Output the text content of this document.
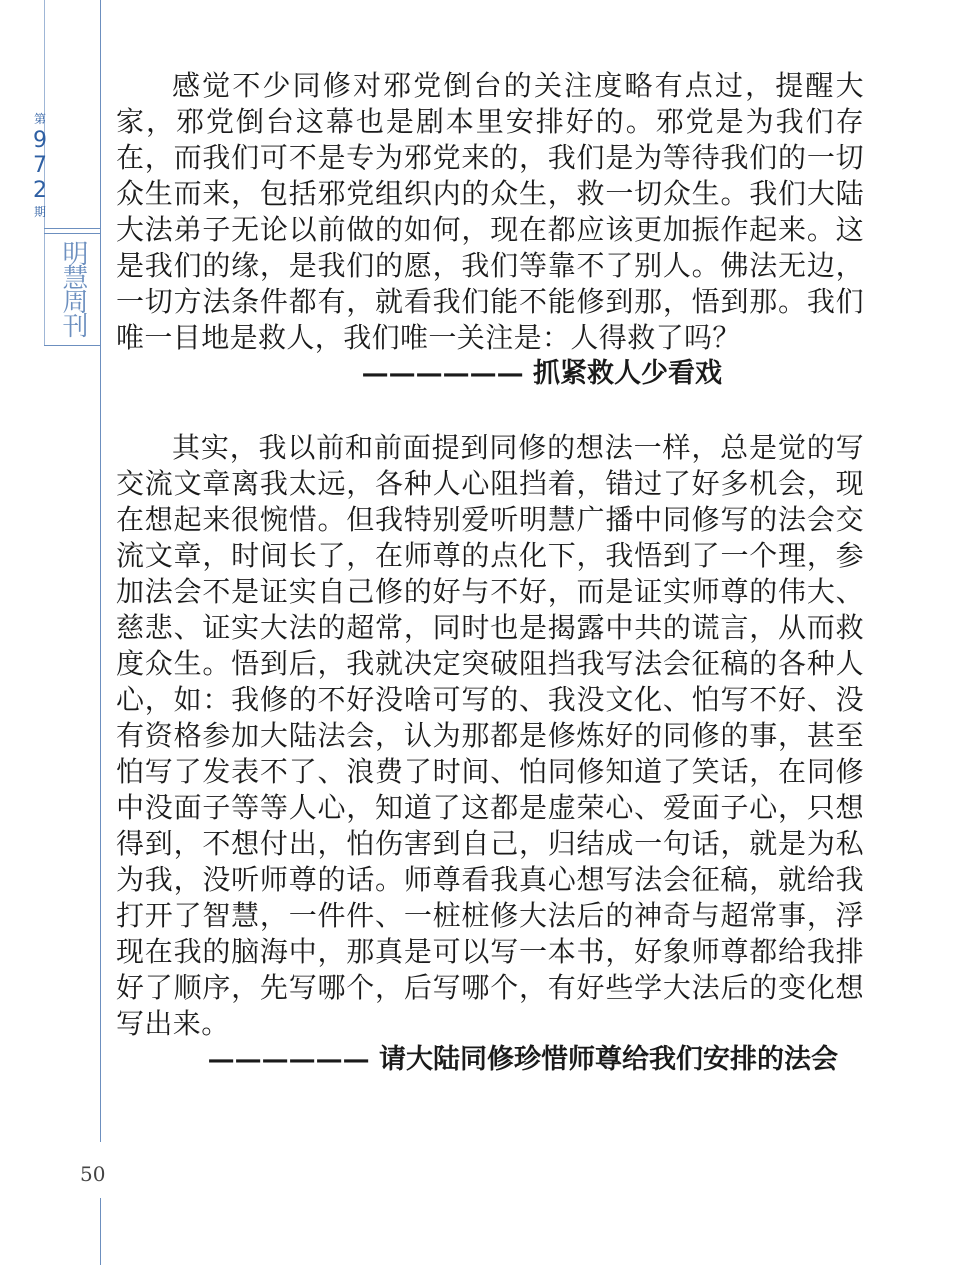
第
9
7
2
期
明慧周刊

感觉不少同修对邪党倒台的关注度略有点过，提醒大家，邪党倒台这幕也是剧本里安排好的。邪党是为我们存在，而我们可不是专为邪党来的，我们是为等待我们的一切众生而来，包括邪党组织内的众生，救一切众生。我们大陆大法弟子无论以前做的如何，现在都应该更加振作起来。这是我们的缘，是我们的愿，我们等靠不了别人。佛法无边，一切方法条件都有，就看我们能不能修到那，悟到那。我们唯一目地是救人，我们唯一关注是：人得救了吗？

—————— 抓紧救人少看戏

其实，我以前和前面提到同修的想法一样，总是觉的写交流文章离我太远，各种人心阻挡着，错过了好多机会，现在想起来很惋惜。但我特别爱听明慧广播中同修写的法会交流文章，时间长了，在师尊的点化下，我悟到了一个理，参加法会不是证实自己修的好与不好，而是证实师尊的伟大、慈悲、证实大法的超常，同时也是揭露中共的谎言，从而救度众生。悟到后，我就决定突破阻挡我写法会征稿的各种人心，如：我修的不好没啥可写的、我没文化、怕写不好、没有资格参加大陆法会，认为那都是修炼好的同修的事，甚至怕写了发表不了、浪费了时间、怕同修知道了笑话，在同修中没面子等等人心，知道了这都是虚荣心、爱面子心，只想得到，不想付出，怕伤害到自己，归结成一句话，就是为私为我，没听师尊的话。师尊看我真心想写法会征稿，就给我打开了智慧，一件件、一桩桩修大法后的神奇与超常事，浮现在我的脑海中，那真是可以写一本书，好象师尊都给我排好了顺序，先写哪个，后写哪个，有好些学大法后的变化想写出来。

—————— 请大陆同修珍惜师尊给我们安排的法会

50
